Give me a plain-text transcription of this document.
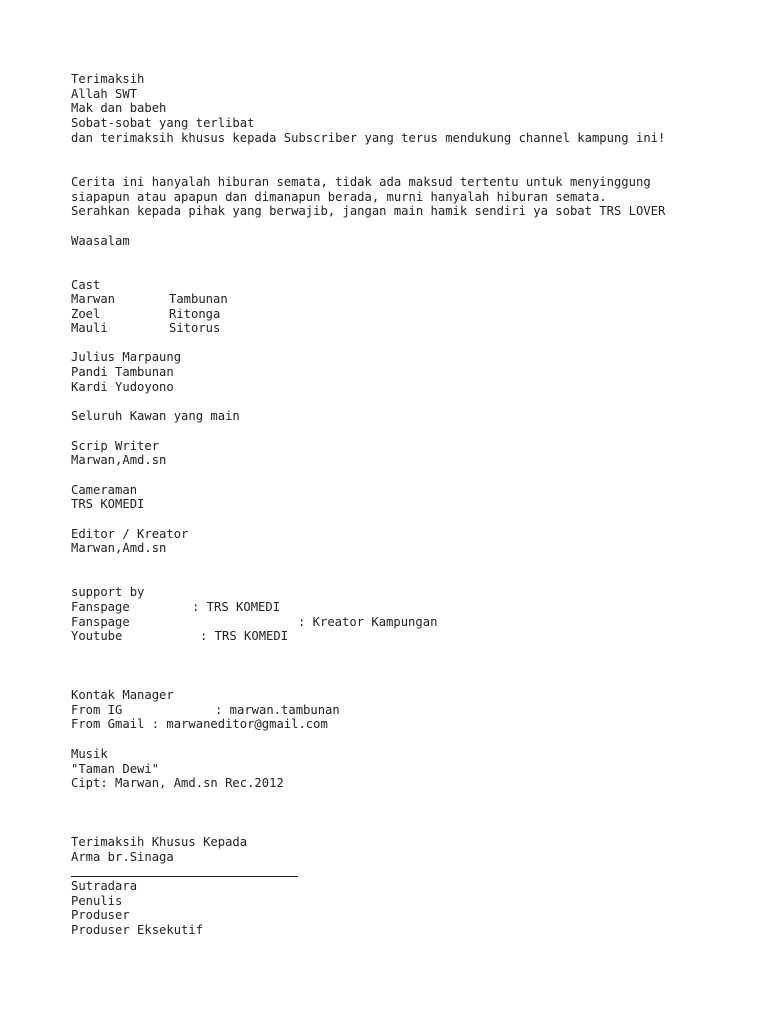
Terimaksih
Allah SWT
Mak dan babeh
Sobat-sobat yang terlibat
dan terimaksih khusus kepada Subscriber yang terus mendukung channel kampung ini!
Cerita ini hanyalah hiburan semata, tidak ada maksud tertentu untuk menyinggung
siapapun atau apapun dan dimanapun berada, murni hanyalah hiburan semata.
Serahkan kepada pihak yang berwajib, jangan main hamik sendiri ya sobat TRS LOVER
Waasalam
Cast
Marwan	Tambunan
Zoel	Ritonga
Mauli	Sitorus
Julius Marpaung
Pandi Tambunan
Kardi Yudoyono
Seluruh Kawan yang main
Scrip Writer
Marwan,Amd.sn
Cameraman
TRS KOMEDI
Editor / Kreator
Marwan,Amd.sn
support by
Fanspage	: TRS KOMEDI
Fanspage	: Kreator Kampungan
Youtube	: TRS KOMEDI
Kontak Manager
From IG	: marwan.tambunan
From Gmail : marwaneditor@gmail.com
Musik
"Taman Dewi"
Cipt: Marwan, Amd.sn Rec.2012
Terimaksih Khusus Kepada
Arma br.Sinaga
Sutradara
Penulis
Produser
Produser Eksekutif
